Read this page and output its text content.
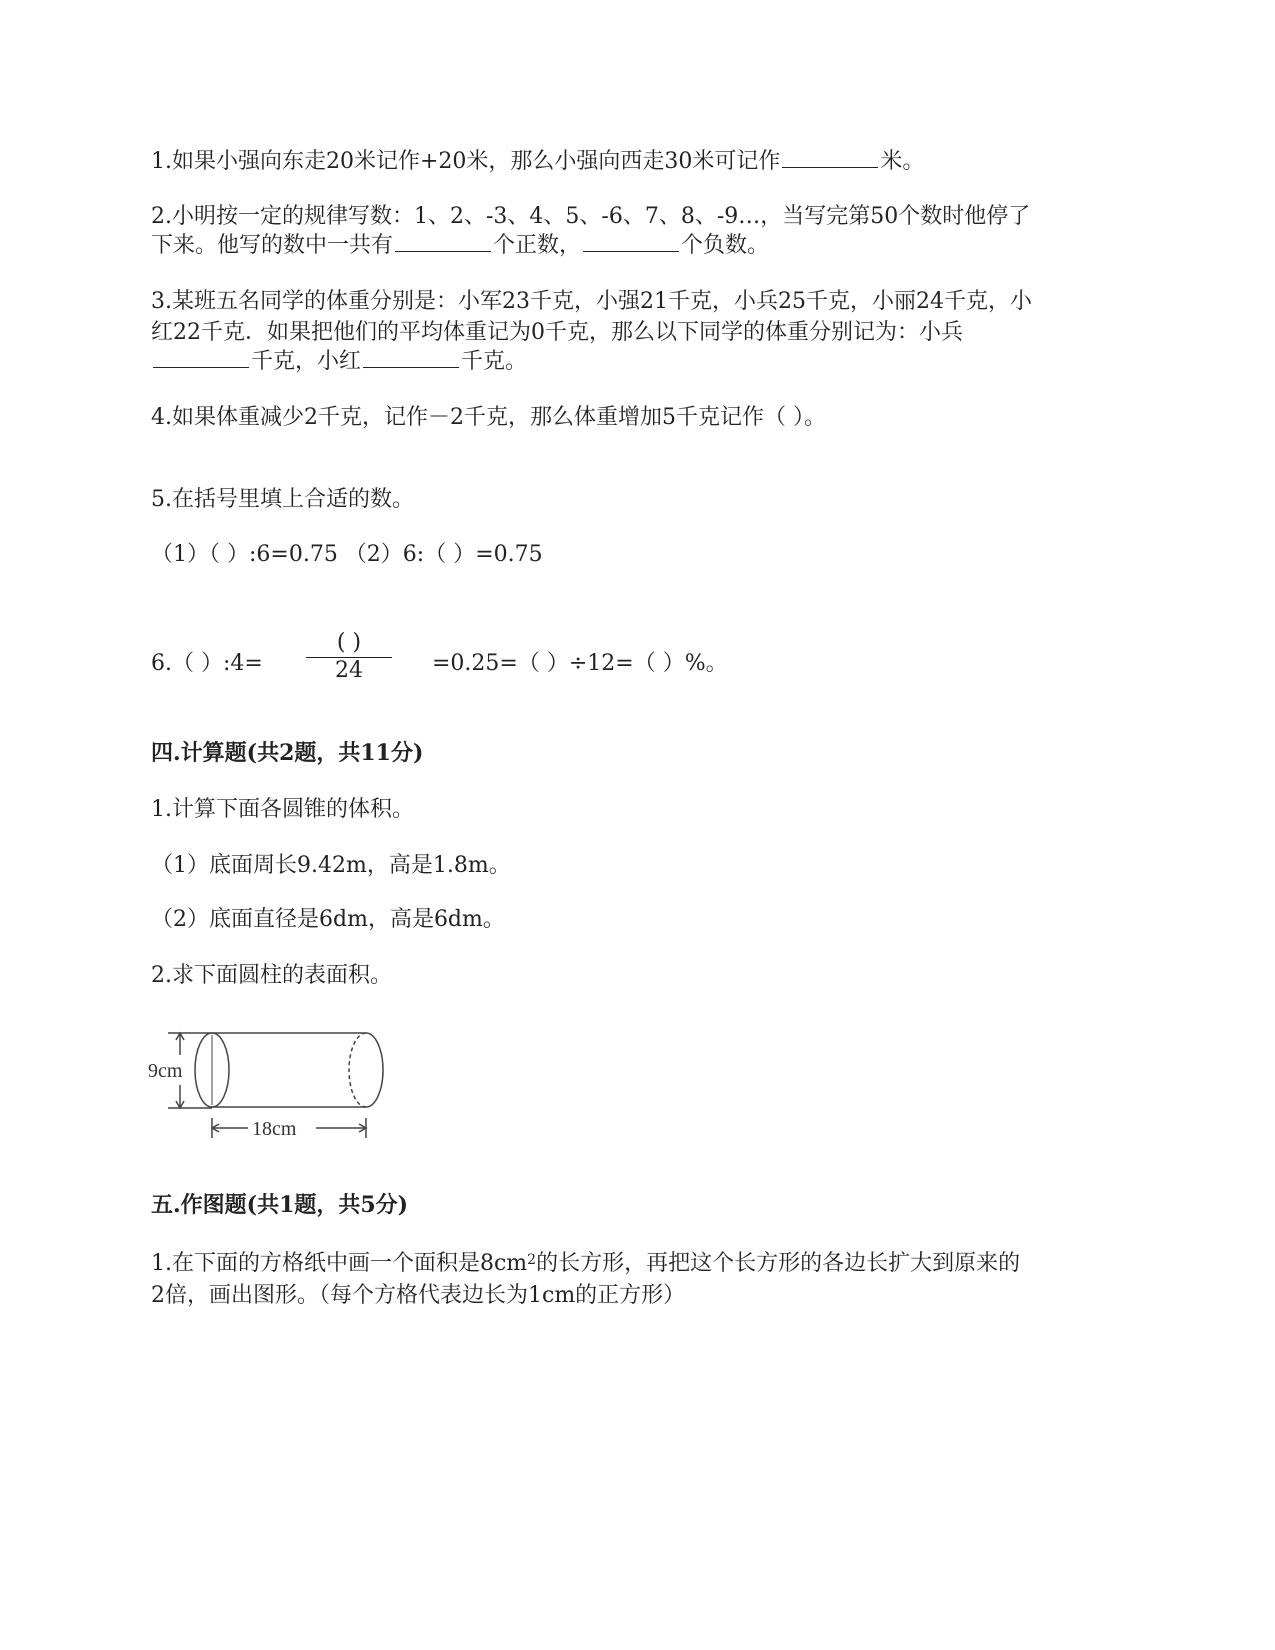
1.如果小强向东走20米记作+20米，那么小强向西走30米可记作	米。
2.小明按一定的规律写数：1、2、-3、4、5、-6、7、8、-9…，当写完第50个数时他停了
下来。他写的数中一共有	个正数，	个负数。
3.某班五名同学的体重分别是：小军23千克，小强21千克，小兵25千克，小丽24千克，小
红22千克．如果把他们的平均体重记为0千克，那么以下同学的体重分别记为：小兵
千克，小红	千克。
4.如果体重减少2千克，记作－2千克，那么体重增加5千克记作（ ）。
5.在括号里填上合适的数。
（1）（ ）:6=0.75 （2）6:（ ）=0.75
6.（ ）:4=
( )
24	=0.25=（ ）÷12=（ ）%。
四.计算题(共2题，共11分)
1.计算下面各圆锥的体积。
（1）底面周长9.42m，高是1.8m。
（2）底面直径是6dm，高是6dm。
2.求下面圆柱的表面积。
9cm
18cm
五.作图题(共1题，共5分)
1.在下面的方格纸中画一个面积是$8cm^2$的长方形，再把这个长方形的各边长扩大到原来的
2倍，画出图形。（每个方格代表边长为1cm的正方形）
